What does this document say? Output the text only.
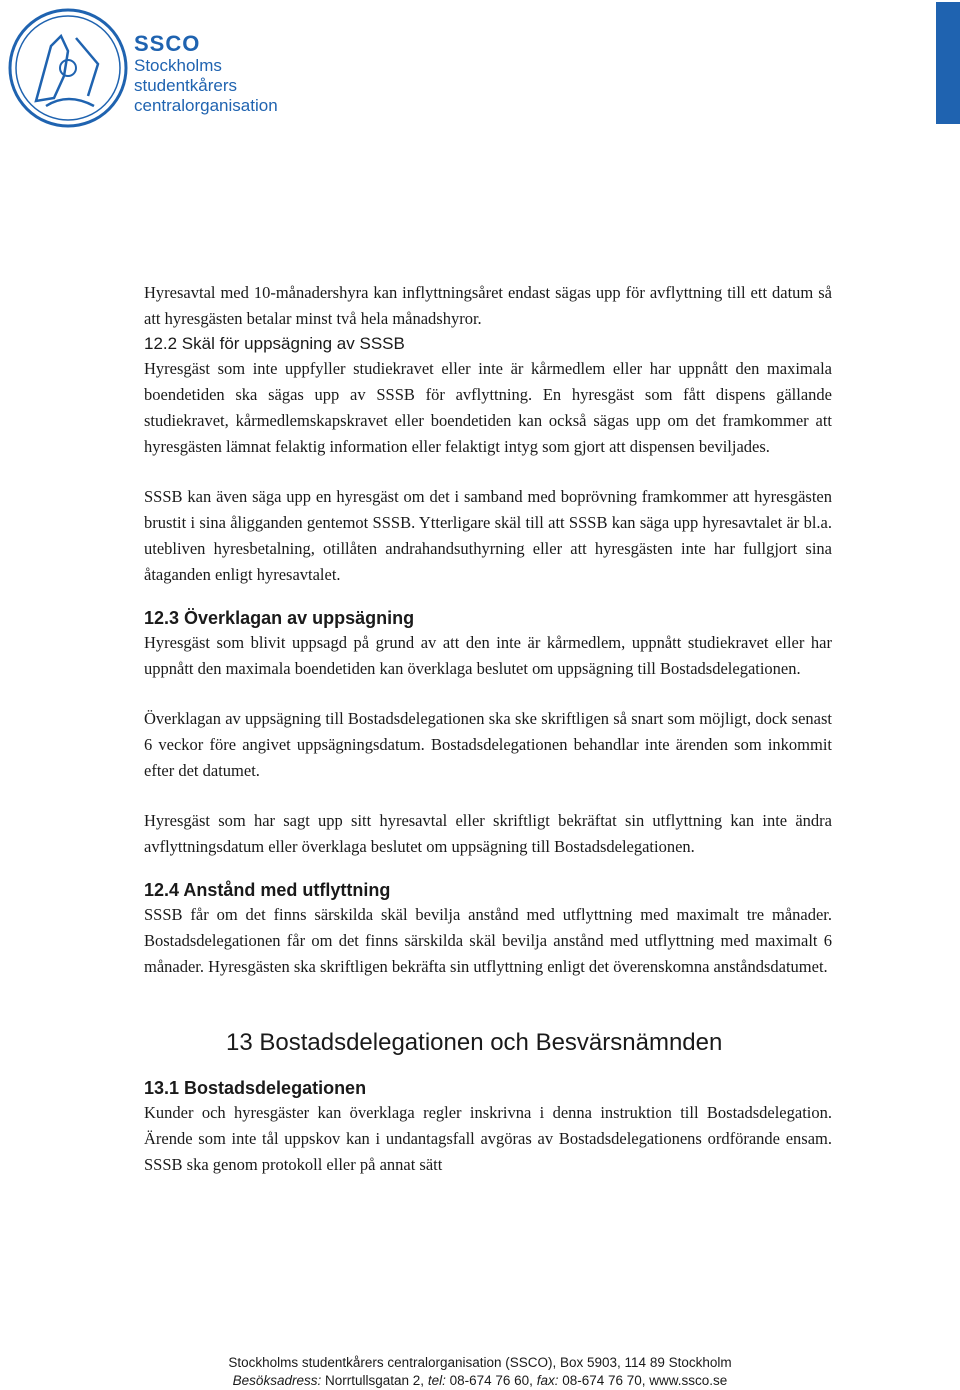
SSCO
Stockholms
studentkårers
centralorganisation

Hyresavtal med 10-månadershyra kan inflyttningsåret endast sägas upp för avflyttning till ett datum så att hyresgästen betalar minst två hela månadshyror.

12.2 Skäl för uppsägning av SSSB

Hyresgäst som inte uppfyller studiekravet eller inte är kårmedlem eller har uppnått den maximala boendetiden ska sägas upp av SSSB för avflyttning. En hyresgäst som fått dispens gällande studiekravet, kårmedlemskapskravet eller boendetiden kan också sägas upp om det framkommer att hyresgästen lämnat felaktig information eller felaktigt intyg som gjort att dispensen beviljades.

SSSB kan även säga upp en hyresgäst om det i samband med boprövning framkommer att hyresgästen brustit i sina åligganden gentemot SSSB. Ytterligare skäl till att SSSB kan säga upp hyresavtalet är bl.a. utebliven hyresbetalning, otillåten andrahandsuthyrning eller att hyresgästen inte har fullgjort sina åtaganden enligt hyresavtalet.

12.3 Överklagan av uppsägning

Hyresgäst som blivit uppsagd på grund av att den inte är kårmedlem, uppnått studiekravet eller har uppnått den maximala boendetiden kan överklaga beslutet om uppsägning till Bostadsdelegationen.

Överklagan av uppsägning till Bostadsdelegationen ska ske skriftligen så snart som möjligt, dock senast 6 veckor före angivet uppsägningsdatum. Bostadsdelegationen behandlar inte ärenden som inkommit efter det datumet.

Hyresgäst som har sagt upp sitt hyresavtal eller skriftligt bekräftat sin utflyttning kan inte ändra avflyttningsdatum eller överklaga beslutet om uppsägning till Bostadsdelegationen.

12.4 Anstånd med utflyttning

SSSB får om det finns särskilda skäl bevilja anstånd med utflyttning med maximalt tre månader. Bostadsdelegationen får om det finns särskilda skäl bevilja anstånd med utflyttning med maximalt 6 månader. Hyresgästen ska skriftligen bekräfta sin utflyttning enligt det överenskomna anståndsdatumet.

13 Bostadsdelegationen och Besvärsnämnden
13.1 Bostadsdelegationen

Kunder och hyresgäster kan överklaga regler inskrivna i denna instruktion till Bostadsdelegation. Ärende som inte tål uppskov kan i undantagsfall avgöras av Bostadsdelegationens ordförande ensam. SSSB ska genom protokoll eller på annat sätt

Stockholms studentkårers centralorganisation (SSCO), Box 5903, 114 89 Stockholm
Besöksadress: Norrtullsgatan 2, tel: 08-674 76 60, fax: 08-674 76 70, www.ssco.se
